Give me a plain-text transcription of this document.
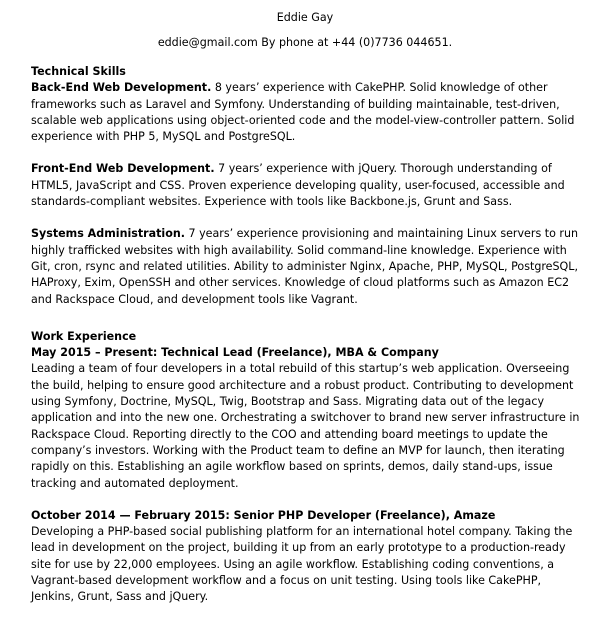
Eddie Gay
eddie@gmail.com By phone at +44 (0)7736 044651.
Technical Skills
Back-End Web Development. 8 years’ experience with CakePHP. Solid knowledge of other frameworks such as Laravel and Symfony. Understanding of building maintainable, test-driven, scalable web applications using object-oriented code and the model-view-controller pattern. Solid experience with PHP 5, MySQL and PostgreSQL.
Front-End Web Development. 7 years’ experience with jQuery. Thorough understanding of HTML5, JavaScript and CSS. Proven experience developing quality, user-focused, accessible and standards-compliant websites. Experience with tools like Backbone.js, Grunt and Sass.
Systems Administration. 7 years’ experience provisioning and maintaining Linux servers to run highly trafficked websites with high availability. Solid command-line knowledge. Experience with Git, cron, rsync and related utilities. Ability to administer Nginx, Apache, PHP, MySQL, PostgreSQL, HAProxy, Exim, OpenSSH and other services. Knowledge of cloud platforms such as Amazon EC2 and Rackspace Cloud, and development tools like Vagrant.
Work Experience
May 2015 – Present: Technical Lead (Freelance), MBA & Company
Leading a team of four developers in a total rebuild of this startup’s web application. Overseeing the build, helping to ensure good architecture and a robust product. Contributing to development using Symfony, Doctrine, MySQL, Twig, Bootstrap and Sass. Migrating data out of the legacy application and into the new one. Orchestrating a switchover to brand new server infrastructure in Rackspace Cloud. Reporting directly to the COO and attending board meetings to update the company’s investors. Working with the Product team to define an MVP for launch, then iterating rapidly on this. Establishing an agile workflow based on sprints, demos, daily stand-ups, issue tracking and automated deployment.
October 2014 — February 2015: Senior PHP Developer (Freelance), Amaze
Developing a PHP-based social publishing platform for an international hotel company. Taking the lead in development on the project, building it up from an early prototype to a production-ready site for use by 22,000 employees. Using an agile workflow. Establishing coding conventions, a Vagrant-based development workflow and a focus on unit testing. Using tools like CakePHP, Jenkins, Grunt, Sass and jQuery.
